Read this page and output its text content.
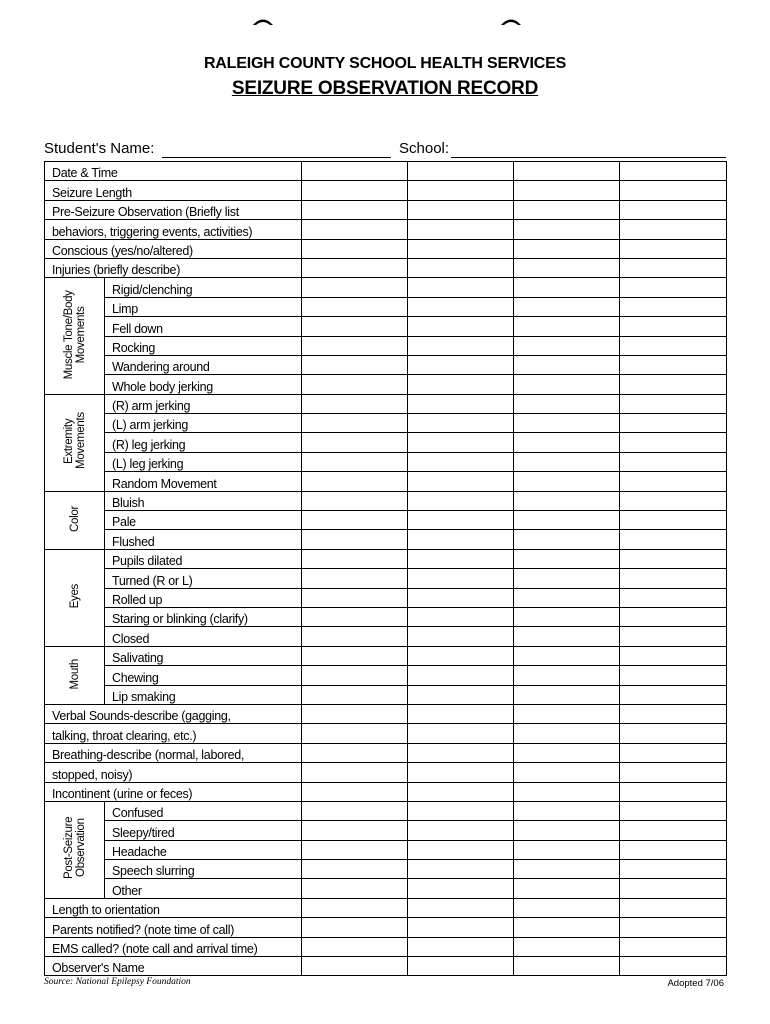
RALEIGH COUNTY SCHOOL HEALTH SERVICES
SEIZURE OBSERVATION RECORD
Student's Name:	School:
Date & Time					
Seizure Length					
Pre-Seizure Observation (Briefly list					
behaviors, triggering events, activities)					
Conscious (yes/no/altered)					
Injuries (briefly describe)					
Muscle Tone/Body Movements	Rigid/clenching				
	Limp				
	Fell down				
	Rocking				
	Wandering around				
	Whole body jerking				
Extremity Movements	(R) arm jerking				
	(L) arm jerking				
	(R) leg jerking				
	(L) leg jerking				
	Random Movement				
Color	Bluish				
	Pale				
	Flushed				
Eyes	Pupils dilated				
	Turned (R or L)				
	Rolled up				
	Staring or blinking (clarify)				
	Closed				
Mouth	Salivating				
	Chewing				
	Lip smaking				
Verbal Sounds-describe (gagging,					
talking, throat clearing, etc.)					
Breathing-describe (normal, labored,					
stopped, noisy)					
Incontinent (urine or feces)					
Post-Seizure Observation	Confused				
	Sleepy/tired				
	Headache				
	Speech slurring				
	Other				
Length to orientation					
Parents notified? (note time of call)					
EMS called? (note call and arrival time)					
Observer's Name					
Source: National Epilepsy Foundation	Adopted 7/06
